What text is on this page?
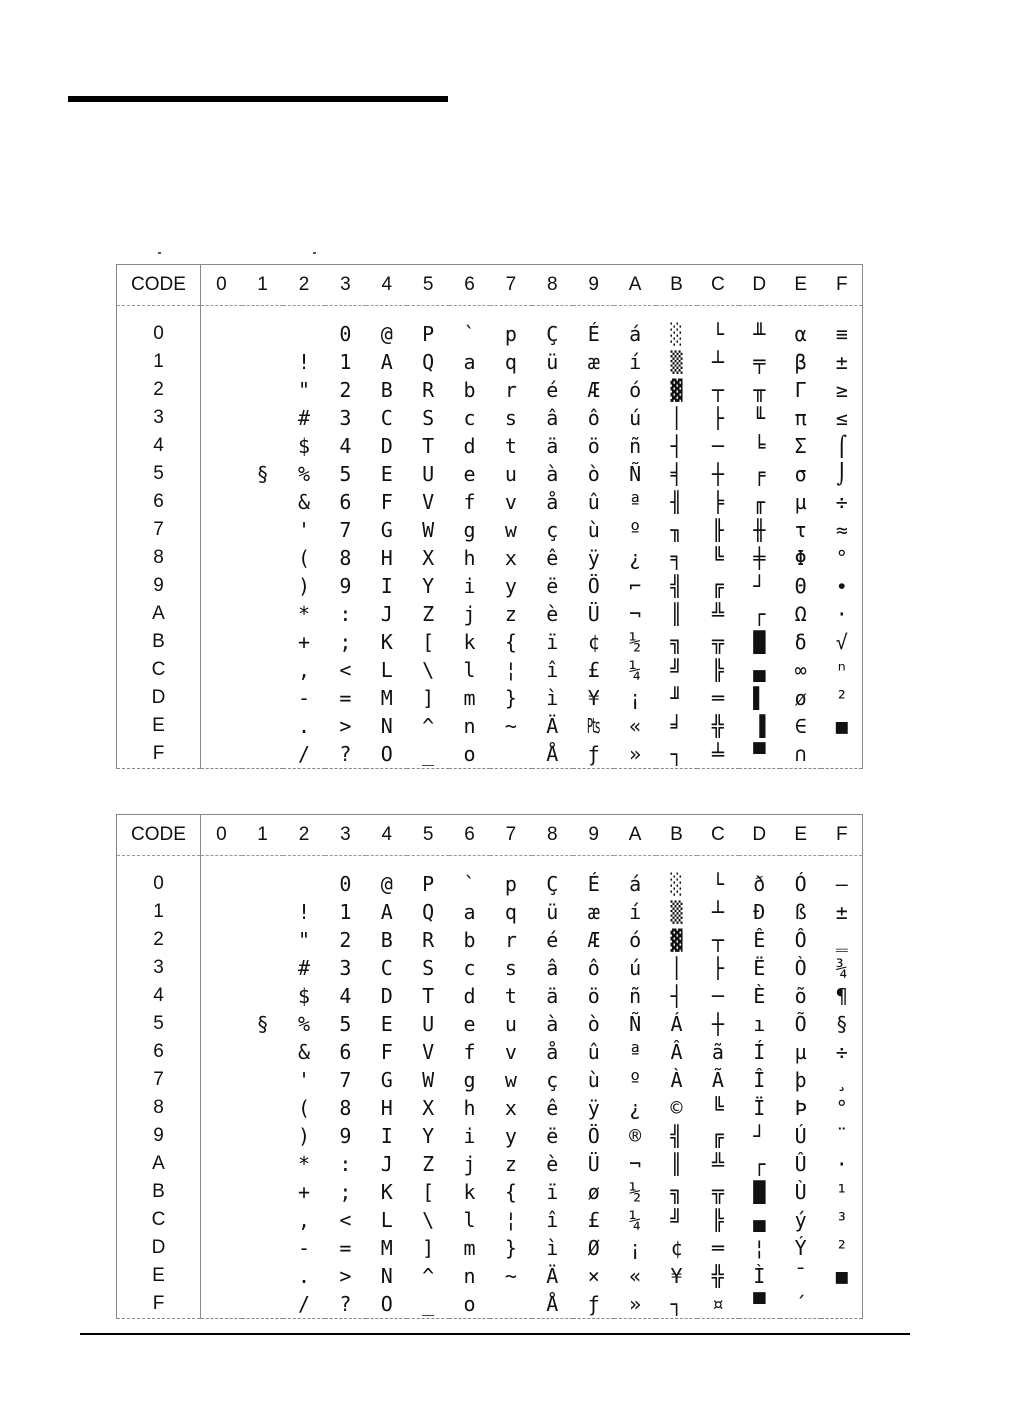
CODE	0	1	2	3	4	5	6	7	8	9	A	B	C	D	E	F

0				0	@	P	`	p	Ç	É	á	░	└	╨	α	≡
1			!	1	A	Q	a	q	ü	æ	í	▒	┴	╤	β	±
2			"	2	B	R	b	r	é	Æ	ó	▓	┬	╥	Γ	≥
3			#	3	C	S	c	s	â	ô	ú	│	├	╙	π	≤
4			$	4	D	T	d	t	ä	ö	ñ	┤	─	╘	Σ	⌠
5		§	%	5	E	U	e	u	à	ò	Ñ	╡	┼	╒	σ	⌡
6			&	6	F	V	f	v	å	û	ª	╢	╞	╓	µ	÷
7			'	7	G	W	g	w	ç	ù	º	╖	╟	╫	τ	≈
8			(	8	H	X	h	x	ê	ÿ	¿	╕	╚	╪	Φ	°
9			)	9	I	Y	i	y	ë	Ö	⌐	╣	╔	┘	Θ	∙
A			*	:	J	Z	j	z	è	Ü	¬	║	╩	┌	Ω	·
B			+	;	K	[	k	{	ï	¢	½	╗	╦	█	δ	√
C			,	<	L	\	l	¦	î	£	¼	╝	╠	▄	∞	ⁿ
D			-	=	M	]	m	}	ì	¥	¡	╜	═	▌	ø	²
E			.	>	N	^	n	~	Ä	₧	«	╛	╬	▐	∈	■
F			/	?	O	_	o		Å	ƒ	»	┐	╧	▀	∩	
CODE	0	1	2	3	4	5	6	7	8	9	A	B	C	D	E	F

0				0	@	P	`	p	Ç	É	á	░	└	ð	Ó	—
1			!	1	A	Q	a	q	ü	æ	í	▒	┴	Ð	ß	±
2			"	2	B	R	b	r	é	Æ	ó	▓	┬	Ê	Ô	‗
3			#	3	C	S	c	s	â	ô	ú	│	├	Ë	Ò	¾
4			$	4	D	T	d	t	ä	ö	ñ	┤	─	È	õ	¶
5		§	%	5	E	U	e	u	à	ò	Ñ	Á	┼	ı	Õ	§
6			&	6	F	V	f	v	å	û	ª	Â	ã	Í	µ	÷
7			'	7	G	W	g	w	ç	ù	º	À	Ã	Î	þ	¸
8			(	8	H	X	h	x	ê	ÿ	¿	©	╚	Ï	Þ	°
9			)	9	I	Y	i	y	ë	Ö	®	╣	╔	┘	Ú	¨
A			*	:	J	Z	j	z	è	Ü	¬	║	╩	┌	Û	·
B			+	;	K	[	k	{	ï	ø	½	╗	╦	█	Ù	¹
C			,	<	L	\	l	¦	î	£	¼	╝	╠	▄	ý	³
D			-	=	M	]	m	}	ì	Ø	¡	¢	═	¦	Ý	²
E			.	>	N	^	n	~	Ä	×	«	¥	╬	Ì	¯	■
F			/	?	O	_	o		Å	ƒ	»	┐	¤	▀	´	
